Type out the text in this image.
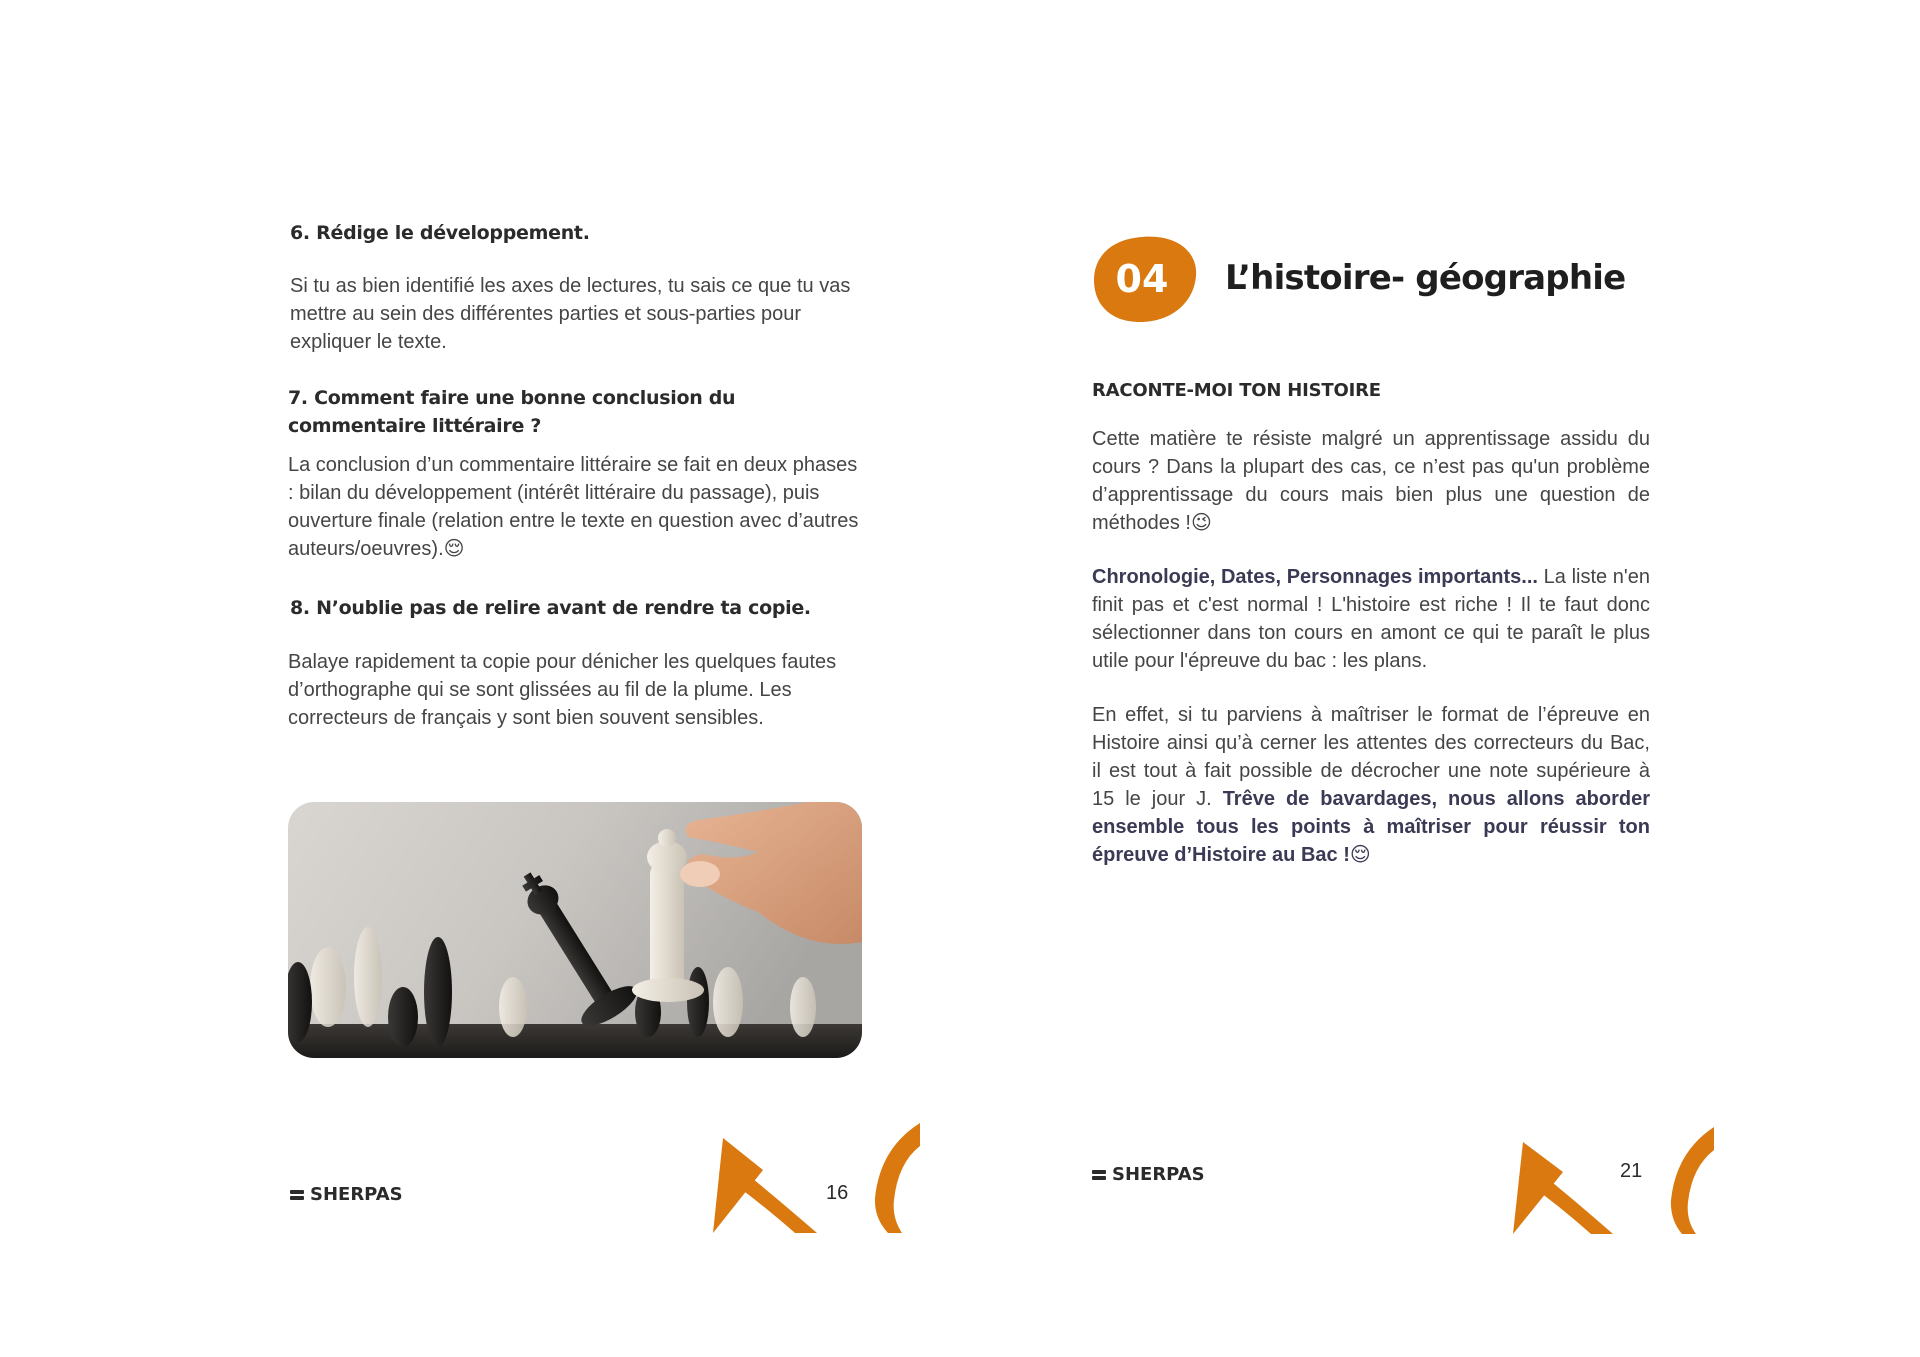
6. Rédige le développement.

Si tu as bien identifié les axes de lectures, tu sais ce que tu vas mettre au sein des différentes parties et sous-parties pour expliquer le texte.

7. Comment faire une bonne conclusion du commentaire littéraire ?

La conclusion d’un commentaire littéraire se fait en deux phases : bilan du développement (intérêt littéraire du passage), puis ouverture finale (relation entre le texte en question avec d’autres auteurs/oeuvres).😌

8. N’oublie pas de relire avant de rendre ta copie.

Balaye rapidement ta copie pour dénicher les quelques fautes d’orthographe qui se sont glissées au fil de la plume. Les correcteurs de français y sont bien souvent sensibles.

SHERPAS	16
04	L’histoire- géographie
RACONTE-MOI TON HISTOIRE

Cette matière te résiste malgré un apprentissage assidu du cours ? Dans la plupart des cas, ce n’est pas qu'un problème d’apprentissage du cours mais bien plus une question de méthodes !😉

Chronologie, Dates, Personnages importants... La liste n'en finit pas et c'est normal ! L'histoire est riche ! Il te faut donc sélectionner dans ton cours en amont ce qui te paraît le plus utile pour l'épreuve du bac : les plans.

En effet, si tu parviens à maîtriser le format de l’épreuve en Histoire ainsi qu’à cerner les attentes des correcteurs du Bac, il est tout à fait possible de décrocher une note supérieure à 15 le jour J. Trêve de bavardages, nous allons aborder ensemble tous les points à maîtriser pour réussir ton épreuve d’Histoire au Bac !😌

SHERPAS	21
